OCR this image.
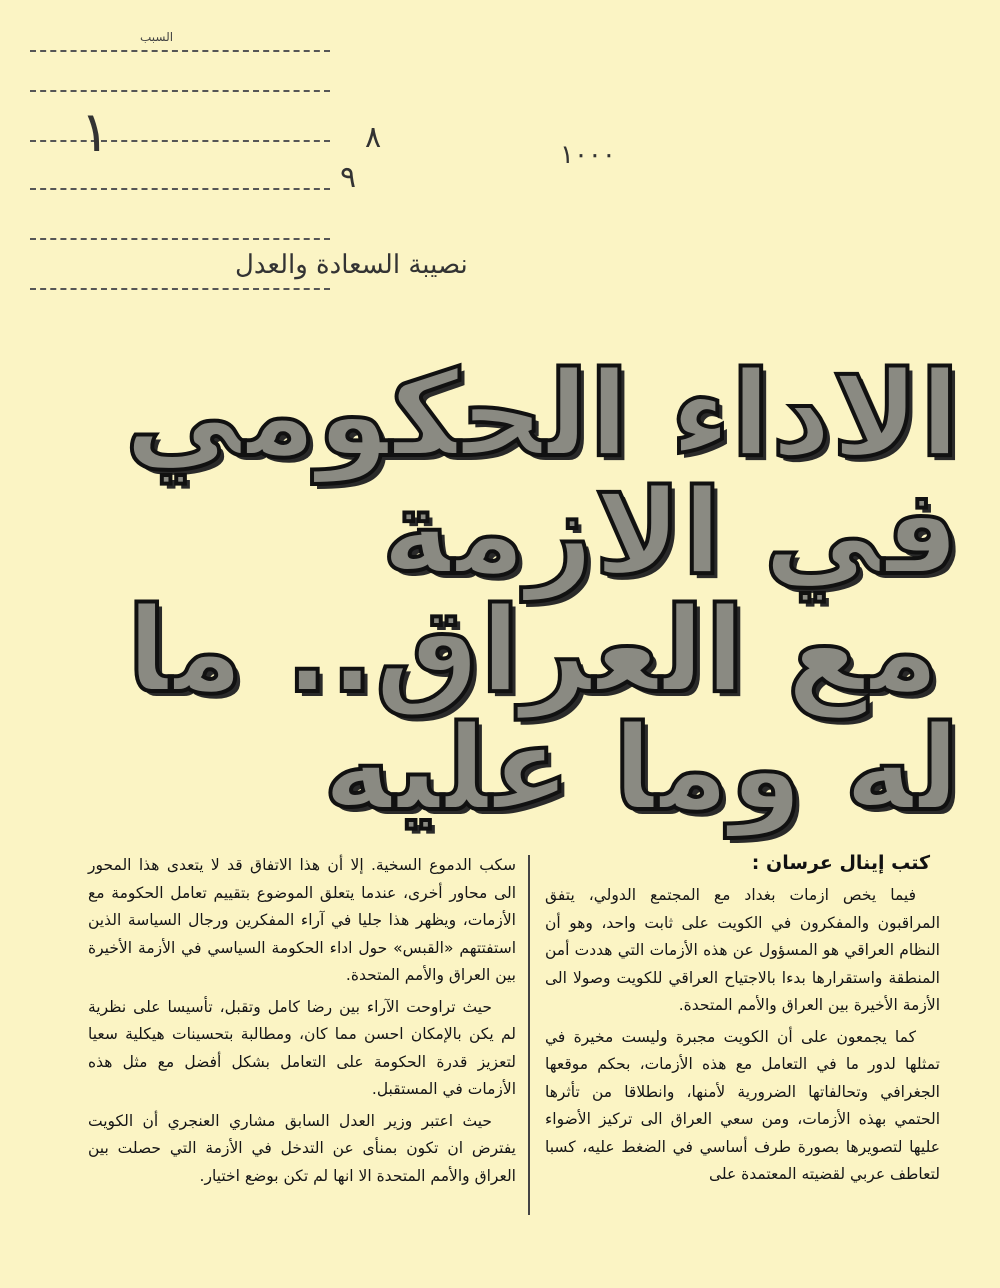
السبب
١	١٠٠٠
٨
٩
نصيبة السعادة والعدل
الاداء الحكومي
في الازمة
مع العراق.. ما
له وما عليه
كتب إينال عرسان :

فيما يخص ازمات بغداد مع المجتمع الدولي، يتفق المراقبون والمفكرون في الكويت على ثابت واحد، وهو أن النظام العراقي هو المسؤول عن هذه الأزمات التي هددت أمن المنطقة واستقرارها بدءا بالاجتياح العراقي للكويت وصولا الى الأزمة الأخيرة بين العراق والأمم المتحدة.

كما يجمعون على أن الكويت مجبرة وليست مخيرة في تمثلها لدور ما في التعامل مع هذه الأزمات، بحكم موقعها الجغرافي وتحالفاتها الضرورية لأمنها، وانطلاقا من تأثرها الحتمي بهذه الأزمات، ومن سعي العراق الى تركيز الأضواء عليها لتصويرها بصورة طرف أساسي في الضغط عليه، كسبا لتعاطف عربي لقضيته المعتمدة على

سكب الدموع السخية. إلا أن هذا الاتفاق قد لا يتعدى هذا المحور الى محاور أخرى، عندما يتعلق الموضوع بتقييم تعامل الحكومة مع الأزمات، ويظهر هذا جليا في آراء المفكرين ورجال السياسة الذين استفتتهم «القبس» حول اداء الحكومة السياسي في الأزمة الأخيرة بين العراق والأمم المتحدة.

حيث تراوحت الآراء بين رضا كامل وتقبل، تأسيسا على نظرية لم يكن بالإمكان احسن مما كان، ومطالبة بتحسينات هيكلية سعيا لتعزيز قدرة الحكومة على التعامل بشكل أفضل مع مثل هذه الأزمات في المستقبل.

حيث اعتبر وزير العدل السابق مشاري العنجري أن الكويت يفترض ان تكون بمنأى عن التدخل في الأزمة التي حصلت بين العراق والأمم المتحدة الا انها لم تكن بوضع اختيار.
